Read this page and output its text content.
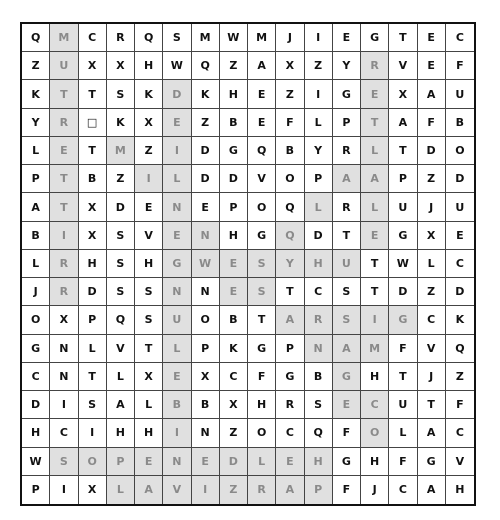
Q	M	C	R	Q	S	M	W	M	J	I	E	G	T	E	C
Z	U	X	X	H	W	Q	Z	A	X	Z	Y	R	V	E	F
K	T	T	S	K	D	K	H	E	Z	I	G	E	X	A	U
Y	R	□	K	X	E	Z	B	E	F	L	P	T	A	F	B
L	E	T	M	Z	I	D	G	Q	B	Y	R	L	T	D	O
P	T	B	Z	I	L	D	D	V	O	P	A	A	P	Z	D
A	T	X	D	E	N	E	P	O	Q	L	R	L	U	J	U
B	I	X	S	V	E	N	H	G	Q	D	T	E	G	X	E
L	R	H	S	H	G	W	E	S	Y	H	U	T	W	L	C
J	R	D	S	S	N	N	E	S	T	C	S	T	D	Z	D
O	X	P	Q	S	U	O	B	T	A	R	S	I	G	C	K
G	N	L	V	T	L	P	K	G	P	N	A	M	F	V	Q
C	N	T	L	X	E	X	C	F	G	B	G	H	T	J	Z
D	I	S	A	L	B	B	X	H	R	S	E	C	U	T	F
H	C	I	H	H	I	N	Z	O	C	Q	F	O	L	A	C
W	S	O	P	E	N	E	D	L	E	H	G	H	F	G	V
P	I	X	L	A	V	I	Z	R	A	P	F	J	C	A	H
